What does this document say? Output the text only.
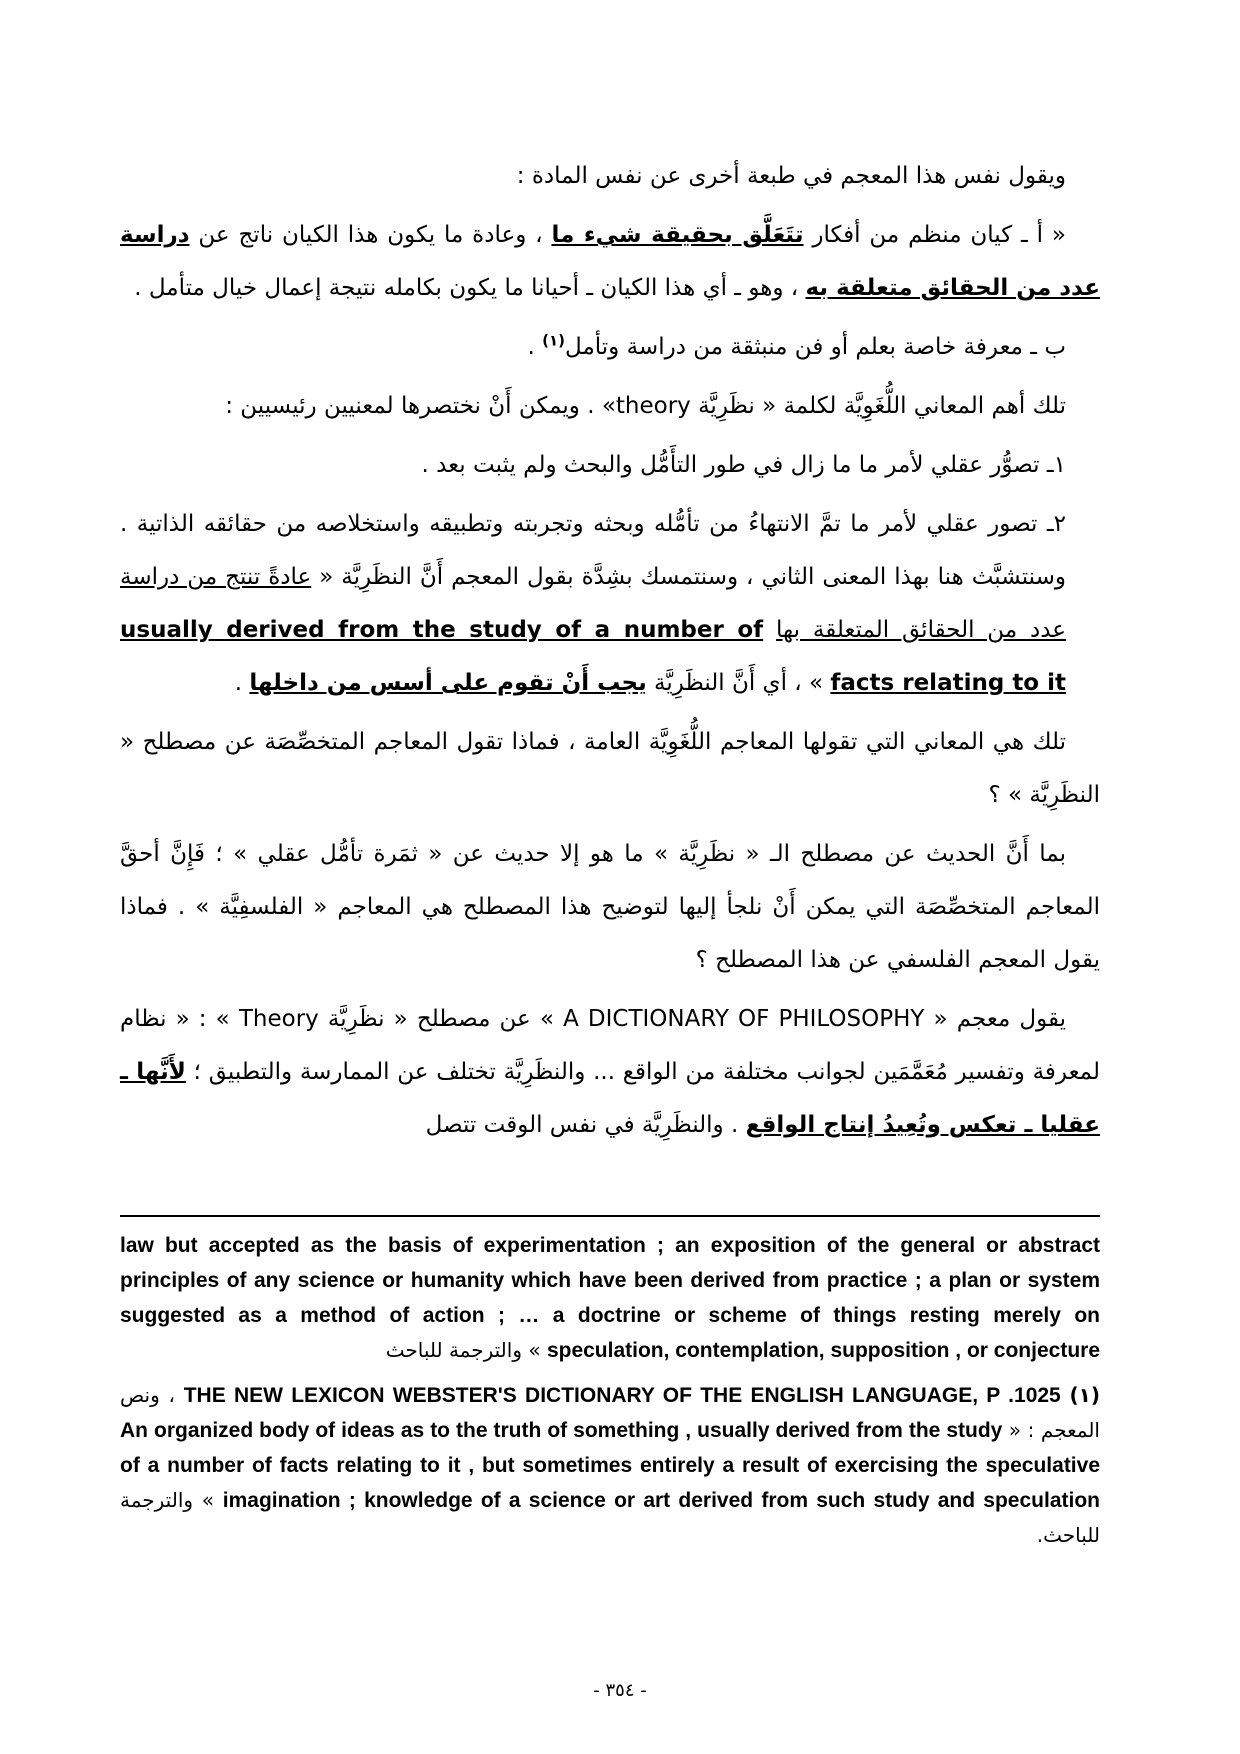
ويقول نفس هذا المعجم في طبعة أخرى عن نفس المادة :

« أ ـ كيان منظم من أفكار تتَعَلَّق بحقيقة شيء ما ، وعادة ما يكون هذا الكيان ناتج عن دراسة عدد من الحقائق متعلقة به ، وهو ـ أي هذا الكيان ـ أحيانا ما يكون بكامله نتيجة إعمال خيال متأمل .

ب ـ معرفة خاصة بعلم أو فن منبثقة من دراسة وتأمل$^{(١)}$ .

تلك أهم المعاني اللُّغَوِيَّة لكلمة « نظَرِيَّة theory» . ويمكن أَنْ نختصرها لمعنيين رئيسيين :

١ـ تصوُّر عقلي لأمر ما ما زال في طور التأَمُّل والبحث ولم يثبت بعد .

٢ـ تصور عقلي لأمر ما تمَّ الانتهاءُ من تأمُّله وبحثه وتجربته وتطبيقه واستخلاصه من حقائقه الذاتية . وسنتشبَّث هنا بهذا المعنى الثاني ، وسنتمسك بشِدَّة بقول المعجم أَنَّ النظَرِيَّة « عادةً تنتج من دراسة عدد من الحقائق المتعلقة بها usually derived from the study of a number of facts relating to it » ، أي أَنَّ النظَرِيَّة يجب أَنْ تقوم على أسس من داخلها .

تلك هي المعاني التي تقولها المعاجم اللُّغَوِيَّة العامة ، فماذا تقول المعاجم المتخصِّصَة عن مصطلح « النظَرِيَّة » ؟

بما أَنَّ الحديث عن مصطلح الـ « نظَرِيَّة » ما هو إلا حديث عن « ثمَرة تأمُّل عقلي » ؛ فَإِنَّ أحقَّ المعاجم المتخصِّصَة التي يمكن أَنْ نلجأ إليها لتوضيح هذا المصطلح هي المعاجم « الفلسفِيَّة » . فماذا يقول المعجم الفلسفي عن هذا المصطلح ؟

يقول معجم « A DICTIONARY OF PHILOSOPHY » عن مصطلح « نظَرِيَّة Theory » : « نظام لمعرفة وتفسير مُعَمَّمَين لجوانب مختلفة من الواقع ... والنظَرِيَّة تختلف عن الممارسة والتطبيق ؛ لأَنَّها ـ عقليا ـ تعكس وتُعِيدُ إنتاج الواقع . والنظَرِيَّة في نفس الوقت تتصل

law but accepted as the basis of experimentation ; an exposition of the general or abstract principles of any science or humanity which have been derived from practice ; a plan or system suggested as a method of action ; … a doctrine or scheme of things resting merely on speculation, contemplation, supposition , or conjecture » والترجمة للباحث

(١) THE NEW LEXICON WEBSTER'S DICTIONARY OF THE ENGLISH LANGUAGE, P .1025 ، ونص المعجم : « An organized body of ideas as to the truth of something , usually derived from the study of a number of facts relating to it , but sometimes entirely a result of exercising the speculative imagination ; knowledge of a science or art derived from such study and speculation » والترجمة للباحث.

- ٣٥٤ -
